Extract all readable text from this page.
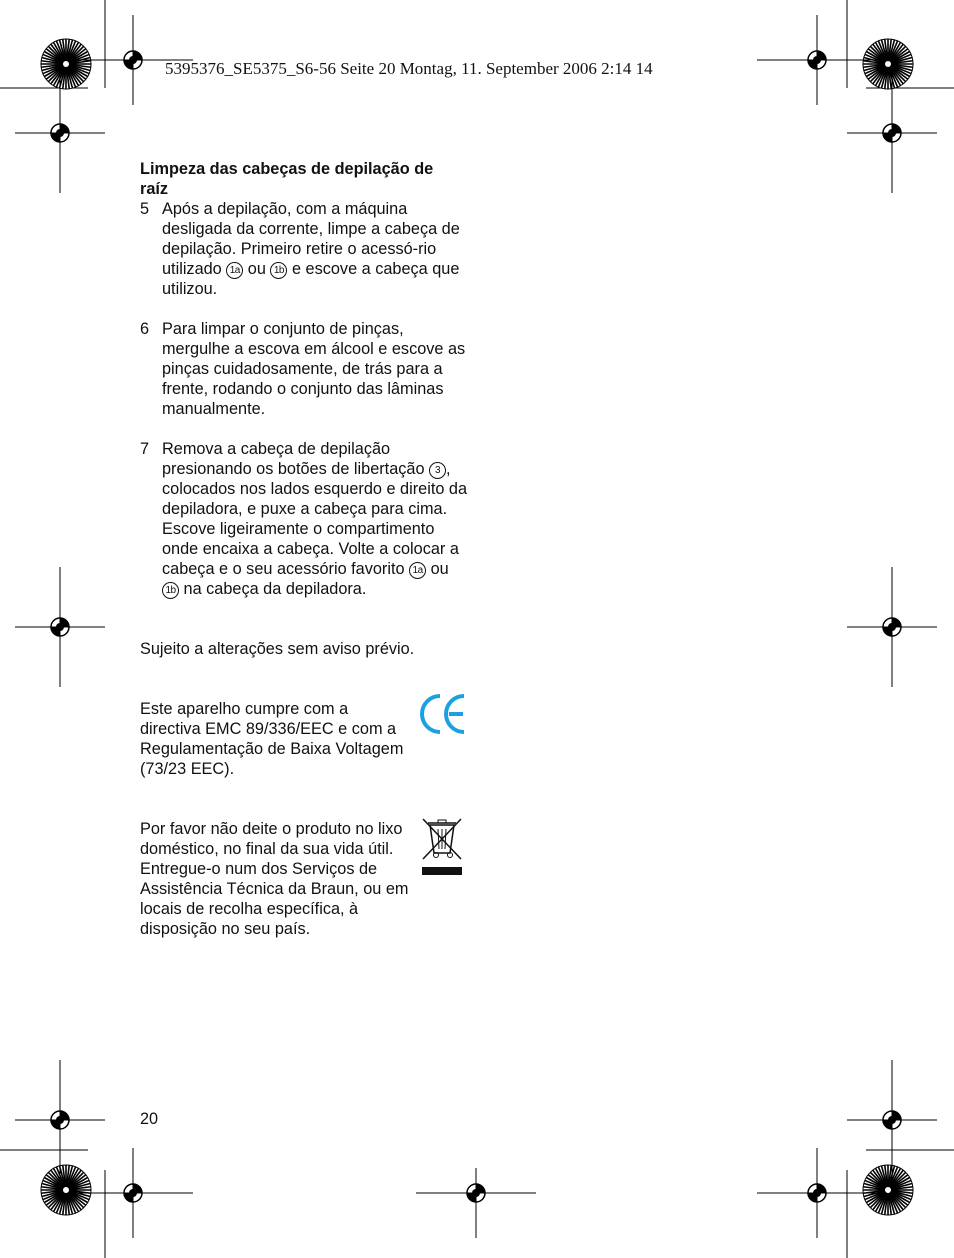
5395376_SE5375_S6-56 Seite 20 Montag, 11. September 2006 2:14 14

Limpeza das cabeças de depilação de raíz

5 Após a depilação, com a máquina desligada da corrente, limpe a cabeça de depilação. Primeiro retire o acessó-rio utilizado 1a ou 1b e escove a cabeça que utilizou.
6 Para limpar o conjunto de pinças, mergulhe a escova em álcool e escove as pinças cuidadosamente, de trás para a frente, rodando o conjunto das lâminas manualmente.
7 Remova a cabeça de depilação presionando os botões de libertação 3 , colocados nos lados esquerdo e direito da depiladora, e puxe a cabeça para cima. Escove ligeiramente o compartimento onde encaixa a cabeça. Volte a colocar a cabeça e o seu acessório favorito 1a ou 1b na cabeça da depiladora.

Sujeito a alterações sem aviso prévio.

Este aparelho cumpre com a directiva EMC 89/336/EEC e com a Regulamentação de Baixa Voltagem (73/23 EEC).

Por favor não deite o produto no lixo doméstico, no final da sua vida útil. Entregue-o num dos Serviços de Assistência Técnica da Braun, ou em locais de recolha específica, à disposição no seu país.

20
